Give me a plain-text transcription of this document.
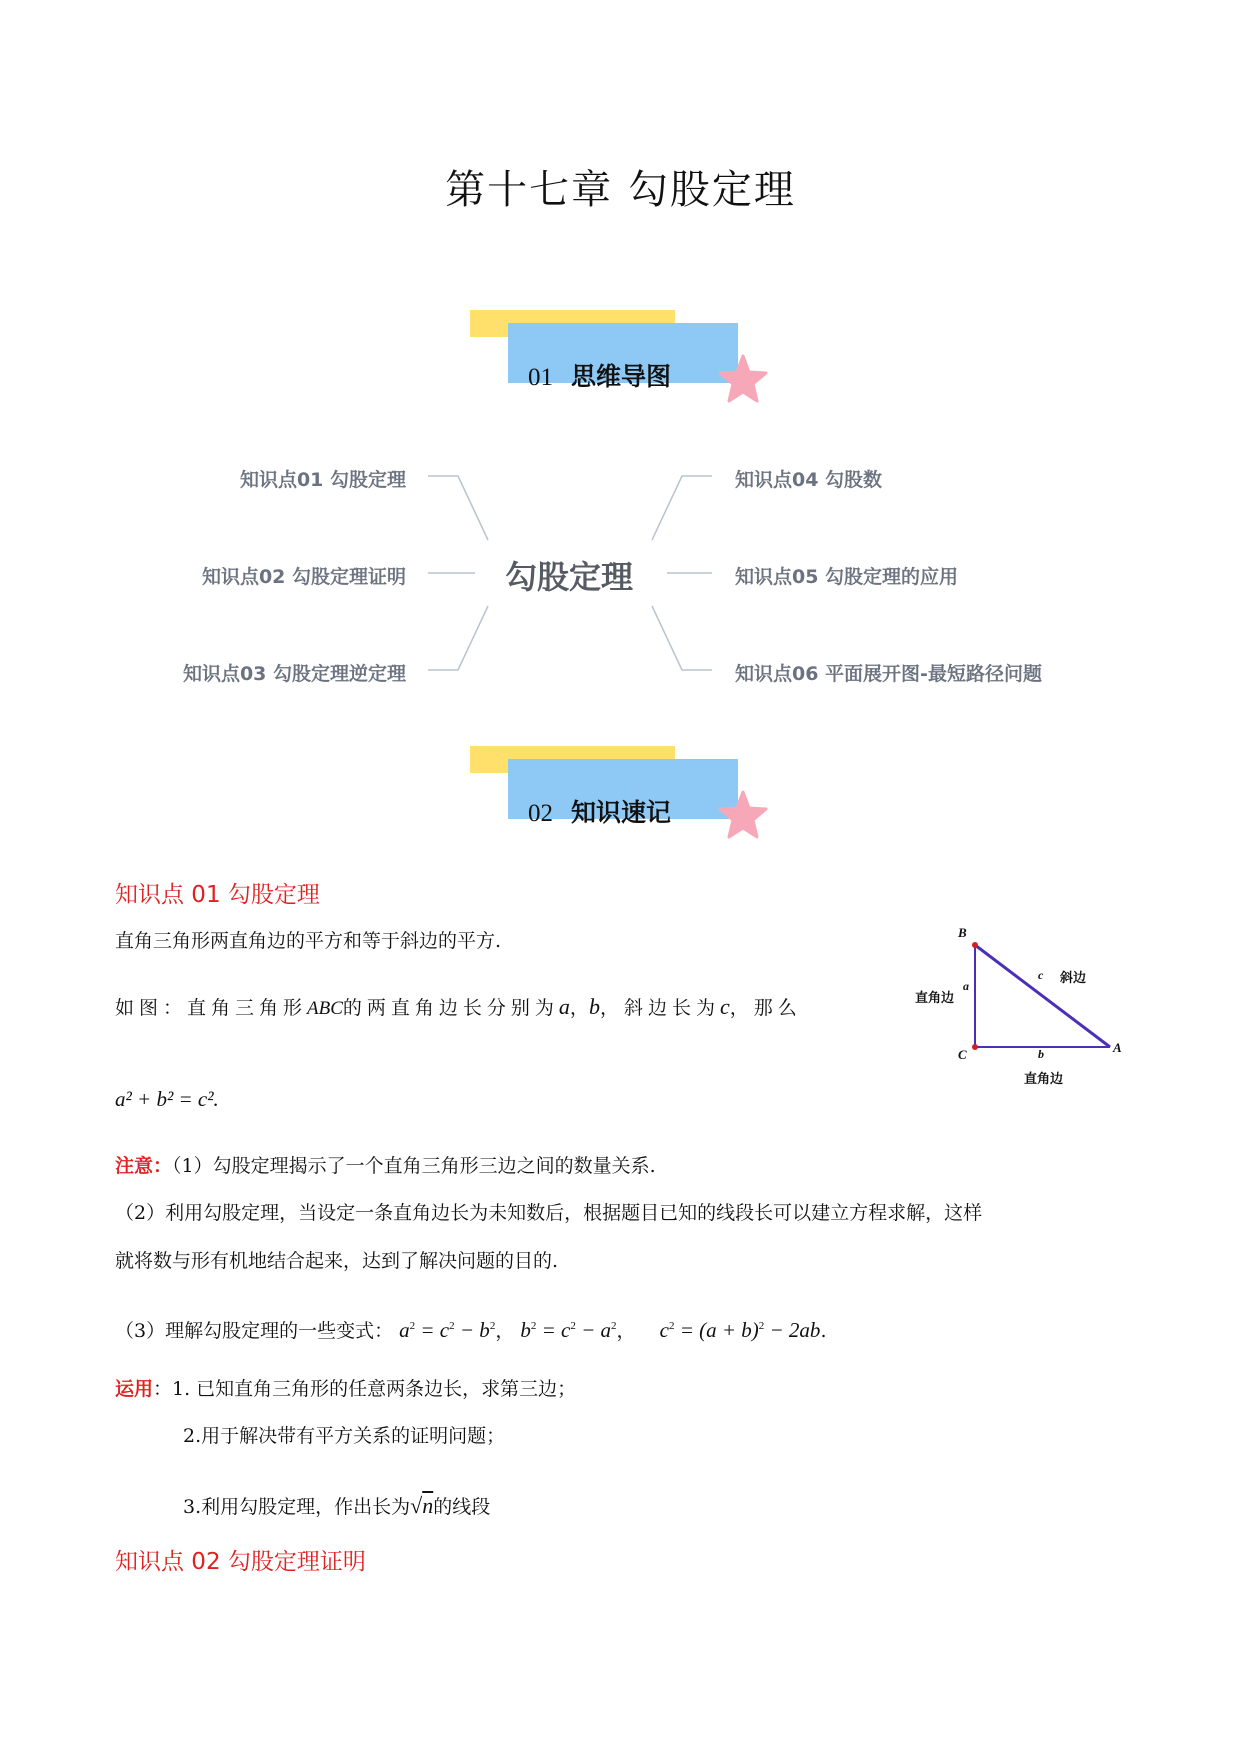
第十七章 勾股定理
01 思维导图
勾股定理
知识点01 勾股定理
知识点02 勾股定理证明
知识点03 勾股定理逆定理
知识点04 勾股数
知识点05 勾股定理的应用
知识点06 平面展开图-最短路径问题
02 知识速记
知识点 01 勾股定理
直角三角形两直角边的平方和等于斜边的平方.
如图：直角三角形ABC的两直角边长分别为a，b，斜边长为c，那么
a² + b² = c².
B
C	A
a
直角边
b
直角边
c 斜边
注意：（1）勾股定理揭示了一个直角三角形三边之间的数量关系.
（2）利用勾股定理，当设定一条直角边长为未知数后，根据题目已知的线段长可以建立方程求解，这样
就将数与形有机地结合起来，达到了解决问题的目的.
（3）理解勾股定理的一些变式： $a^2 = c^2 - b^2$， $b^2 = c^2 - a^2$， $c^2 = (a + b)^2 - 2ab$.
运用：1. 已知直角三角形的任意两条边长，求第三边；
2.用于解决带有平方关系的证明问题；
3.利用勾股定理，作出长为√n的线段
知识点 02 勾股定理证明
